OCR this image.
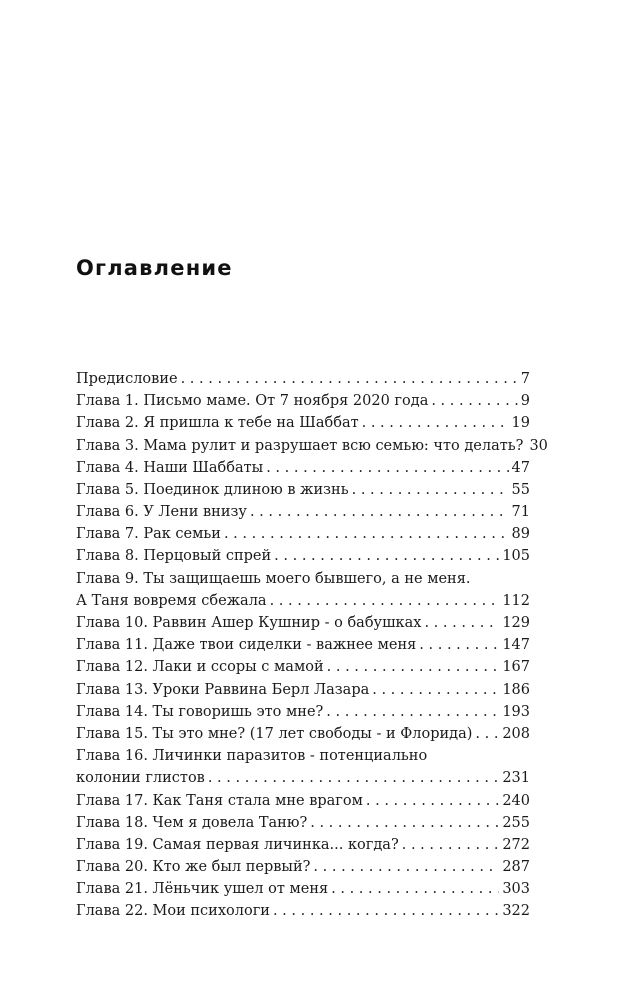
Оглавление
Предисловие . . .	7
Глава 1. Письмо маме. От 7 ноября 2020 года . . .	9
Глава 2. Я пришла к тебе на Шаббат . . .	19
Глава 3. Мама рулит и разрушает всю семью: что делать? 30
Глава 4. Наши Шаббаты . . .	47
Глава 5. Поединок длиною в жизнь . . .	55
Глава 6. У Лени внизу . . .	71
Глава 7. Рак семьи . . .	89
Глава 8. Перцовый спрей . . .	105
Глава 9. Ты защищаешь моего бывшего, а не меня.
А Таня вовремя сбежала . . .	112
Глава 10. Раввин Ашер Кушнир - о бабушках . . .	129
Глава 11. Даже твои сиделки - важнее меня . . .	147
Глава 12. Лаки и ссоры с мамой . . .	167
Глава 13. Уроки Раввина Берл Лазара . . .	186
Глава 14. Ты говоришь это мне? . . .	193
Глава 15. Ты это мне? (17 лет свободы - и Флорида) . . . 208
Глава 16. Личинки паразитов - потенциально
колонии глистов . . .	231
Глава 17. Как Таня стала мне врагом . . .	240
Глава 18. Чем я довела Таню? . . .	255
Глава 19. Самая первая личинка... когда? . . .	272
Глава 20. Кто же был первый? . . .	287
Глава 21. Лёньчик ушел от меня . . .	303
Глава 22. Мои психологи . . .	322
